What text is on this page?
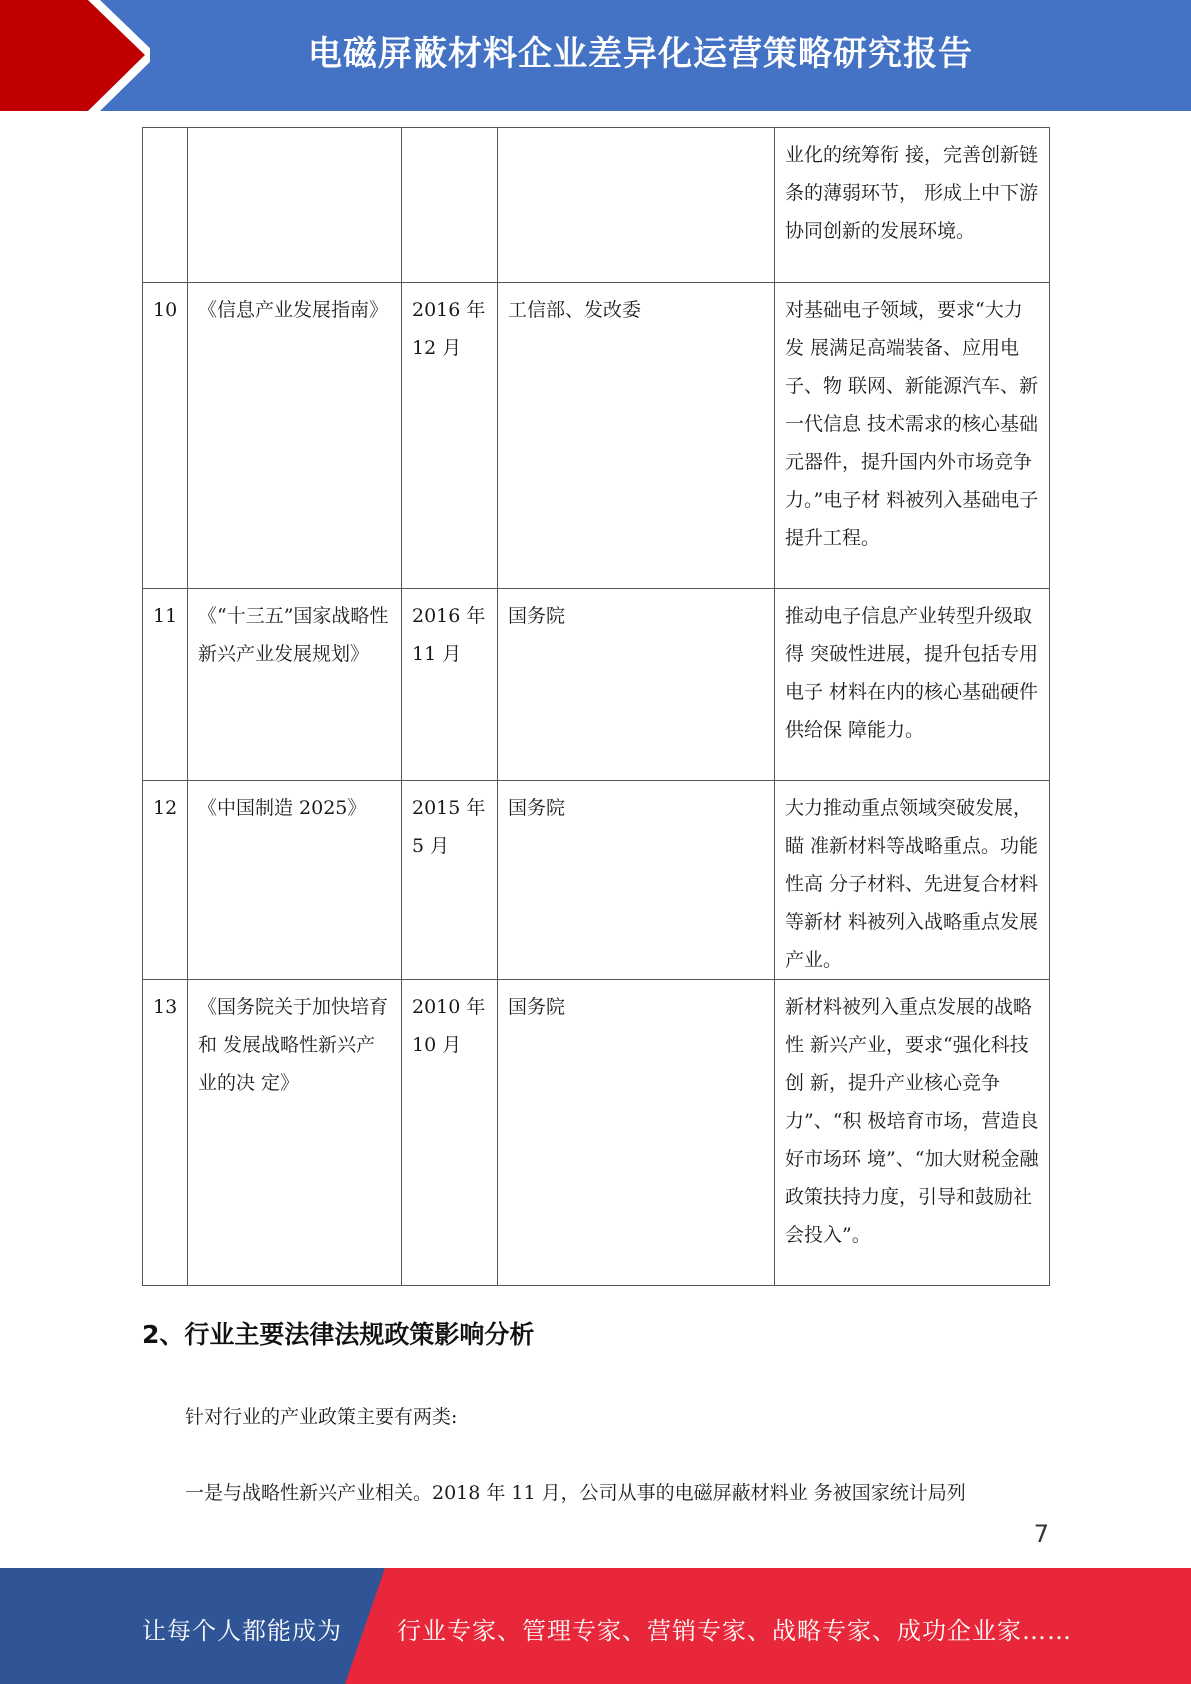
电磁屏蔽材料企业差异化运营策略研究报告
				业化的统筹衔 接，完善创新链条的薄弱环节， 形成上中下游协同创新的发展环境。
10	《信息产业发展指南》	2016 年 12 月	工信部、发改委	对基础电子领域，要求“大力发 展满足高端装备、应用电子、物 联网、新能源汽车、新一代信息 技术需求的核心基础元器件，提升国内外市场竞争力。”电子材 料被列入基础电子提升工程。
11	《“十三五”国家战略性 新兴产业发展规划》	2016 年 11 月	国务院	推动电子信息产业转型升级取得 突破性进展，提升包括专用电子 材料在内的核心基础硬件供给保 障能力。
12	《中国制造 2025》	2015 年 5 月	国务院	大力推动重点领域突破发展，瞄 准新材料等战略重点。功能性高 分子材料、先进复合材料等新材 料被列入战略重点发展产业。
13	《国务院关于加快培育和 发展战略性新兴产业的决 定》	2010 年 10 月	国务院	新材料被列入重点发展的战略性 新兴产业，要求“强化科技创 新，提升产业核心竞争力”、“积 极培育市场，营造良好市场环 境”、“加大财税金融政策扶持力度，引导和鼓励社会投入”。
2、行业主要法律法规政策影响分析
针对行业的产业政策主要有两类:
一是与战略性新兴产业相关。2018 年 11 月，公司从事的电磁屏蔽材料业 务被国家统计局列
7
让每个人都能成为 行业专家、管理专家、营销专家、战略专家、成功企业家……
